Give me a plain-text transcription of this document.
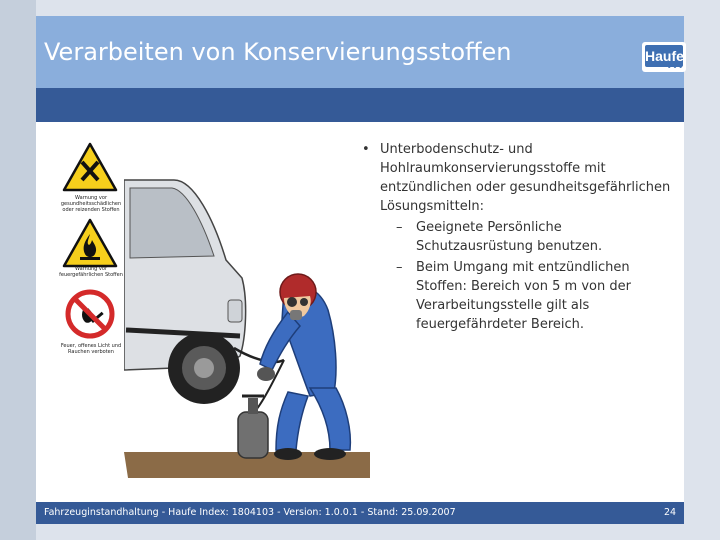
Verarbeiten von Konservierungsstoffen	Haufe
•••
Warnung vor gesundheitsschädlichen oder reizenden Stoffen
Warnung vor feuergefährlichen Stoffen
Feuer, offenes Licht und Rauchen verboten
• Unterbodenschutz- und Hohlraumkonservierungsstoffe mit entzündlichen oder gesundheitsgefährlichen Lösungsmitteln:
– Geeignete Persönliche Schutzausrüstung benutzen.
– Beim Umgang mit entzündlichen Stoffen: Bereich von 5 m von der Verarbeitungsstelle gilt als feuergefährdeter Bereich.
Fahrzeuginstandhaltung - Haufe Index: 1804103 - Version: 1.0.0.1 - Stand: 25.09.2007	24
